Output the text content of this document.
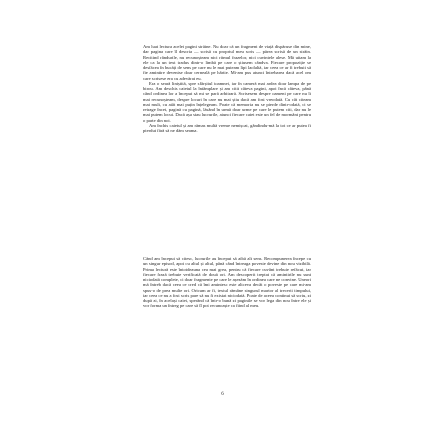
Am luat lectura acelei pagini străine. Nu doar că un fragment de viață dispăruse din mine, dar pagina care îl descria — scrisă cu propriul meu scris — părea scrisă de un străin. Recitind rândurile, nu recunoșteam nici ritmul frazelor, nici cuvintele alese. Mă uitam la ele ca la un text tradus dintr-o limbă pe care o știusem cândva. Fiecare propoziție se desfăcea în bucăți de sens pe care nu le mai puteam lipi laolaltă, iar ceea ce ar fi trebuit să fie amintire devenise doar cerneală pe hârtie. Mi-am pus atunci întrebarea dacă acel om care scrisese era cu adevărat eu.

Era o seară liniștită, spre sfârșitul toamnei, iar în cameră mai ardea doar lampa de pe birou. Am deschis caietul la întâmplare și am citit câteva pagini, apoi încă câteva, până când ordinea lor a început să mi se pară arbitrară. Scrisesem despre oameni pe care nu îi mai recunoșteam, despre locuri în care nu mai știu dacă am fost vreodată. Cu cât citeam mai mult, cu atât mai puțin înțelegeam. Poate că memoria nu se pierde dintr-odată, ci se retrage încet, pagină cu pagină, lăsând în urmă doar urme pe care le putem citi, dar nu le mai putem locui. Dacă așa stau lucrurile, atunci fiecare caiet este un fel de mormânt pentru o parte din noi.

Am închis caietul și am rămas multă vreme nemișcat, gândindu-mă la tot ce ar putea fi pierdut fără să ne dăm seama.

Când am început să citesc, lucrurile au început să aibă alt sens. Recompunerea începe cu un singur episod, apoi cu altul și altul, până când întreaga poveste devine din nou vizibilă. Prima lectură este întotdeauna cea mai grea, pentru că fiecare cuvânt trebuie refăcut, iar fiecare frază trebuie verificată de două ori. Am descoperit treptat că amintirile nu sunt niciodată complete, ci doar fragmente pe care le așezăm în ordinea care ne convine. Uneori mă întreb dacă ceea ce cred că îmi amintesc este altceva decât o poveste pe care mi-am spus-o de prea multe ori. Oricum ar fi, textul rămâne singurul martor al trecerii timpului, iar ceea ce nu a fost scris pare să nu fi existat niciodată. Poate de aceea continui să scriu, zi după zi, în același caiet, sperând că într-o bună zi paginile se vor lega din nou între ele și vor forma un întreg pe care să îl pot recunoaște ca fiind al meu.

6
